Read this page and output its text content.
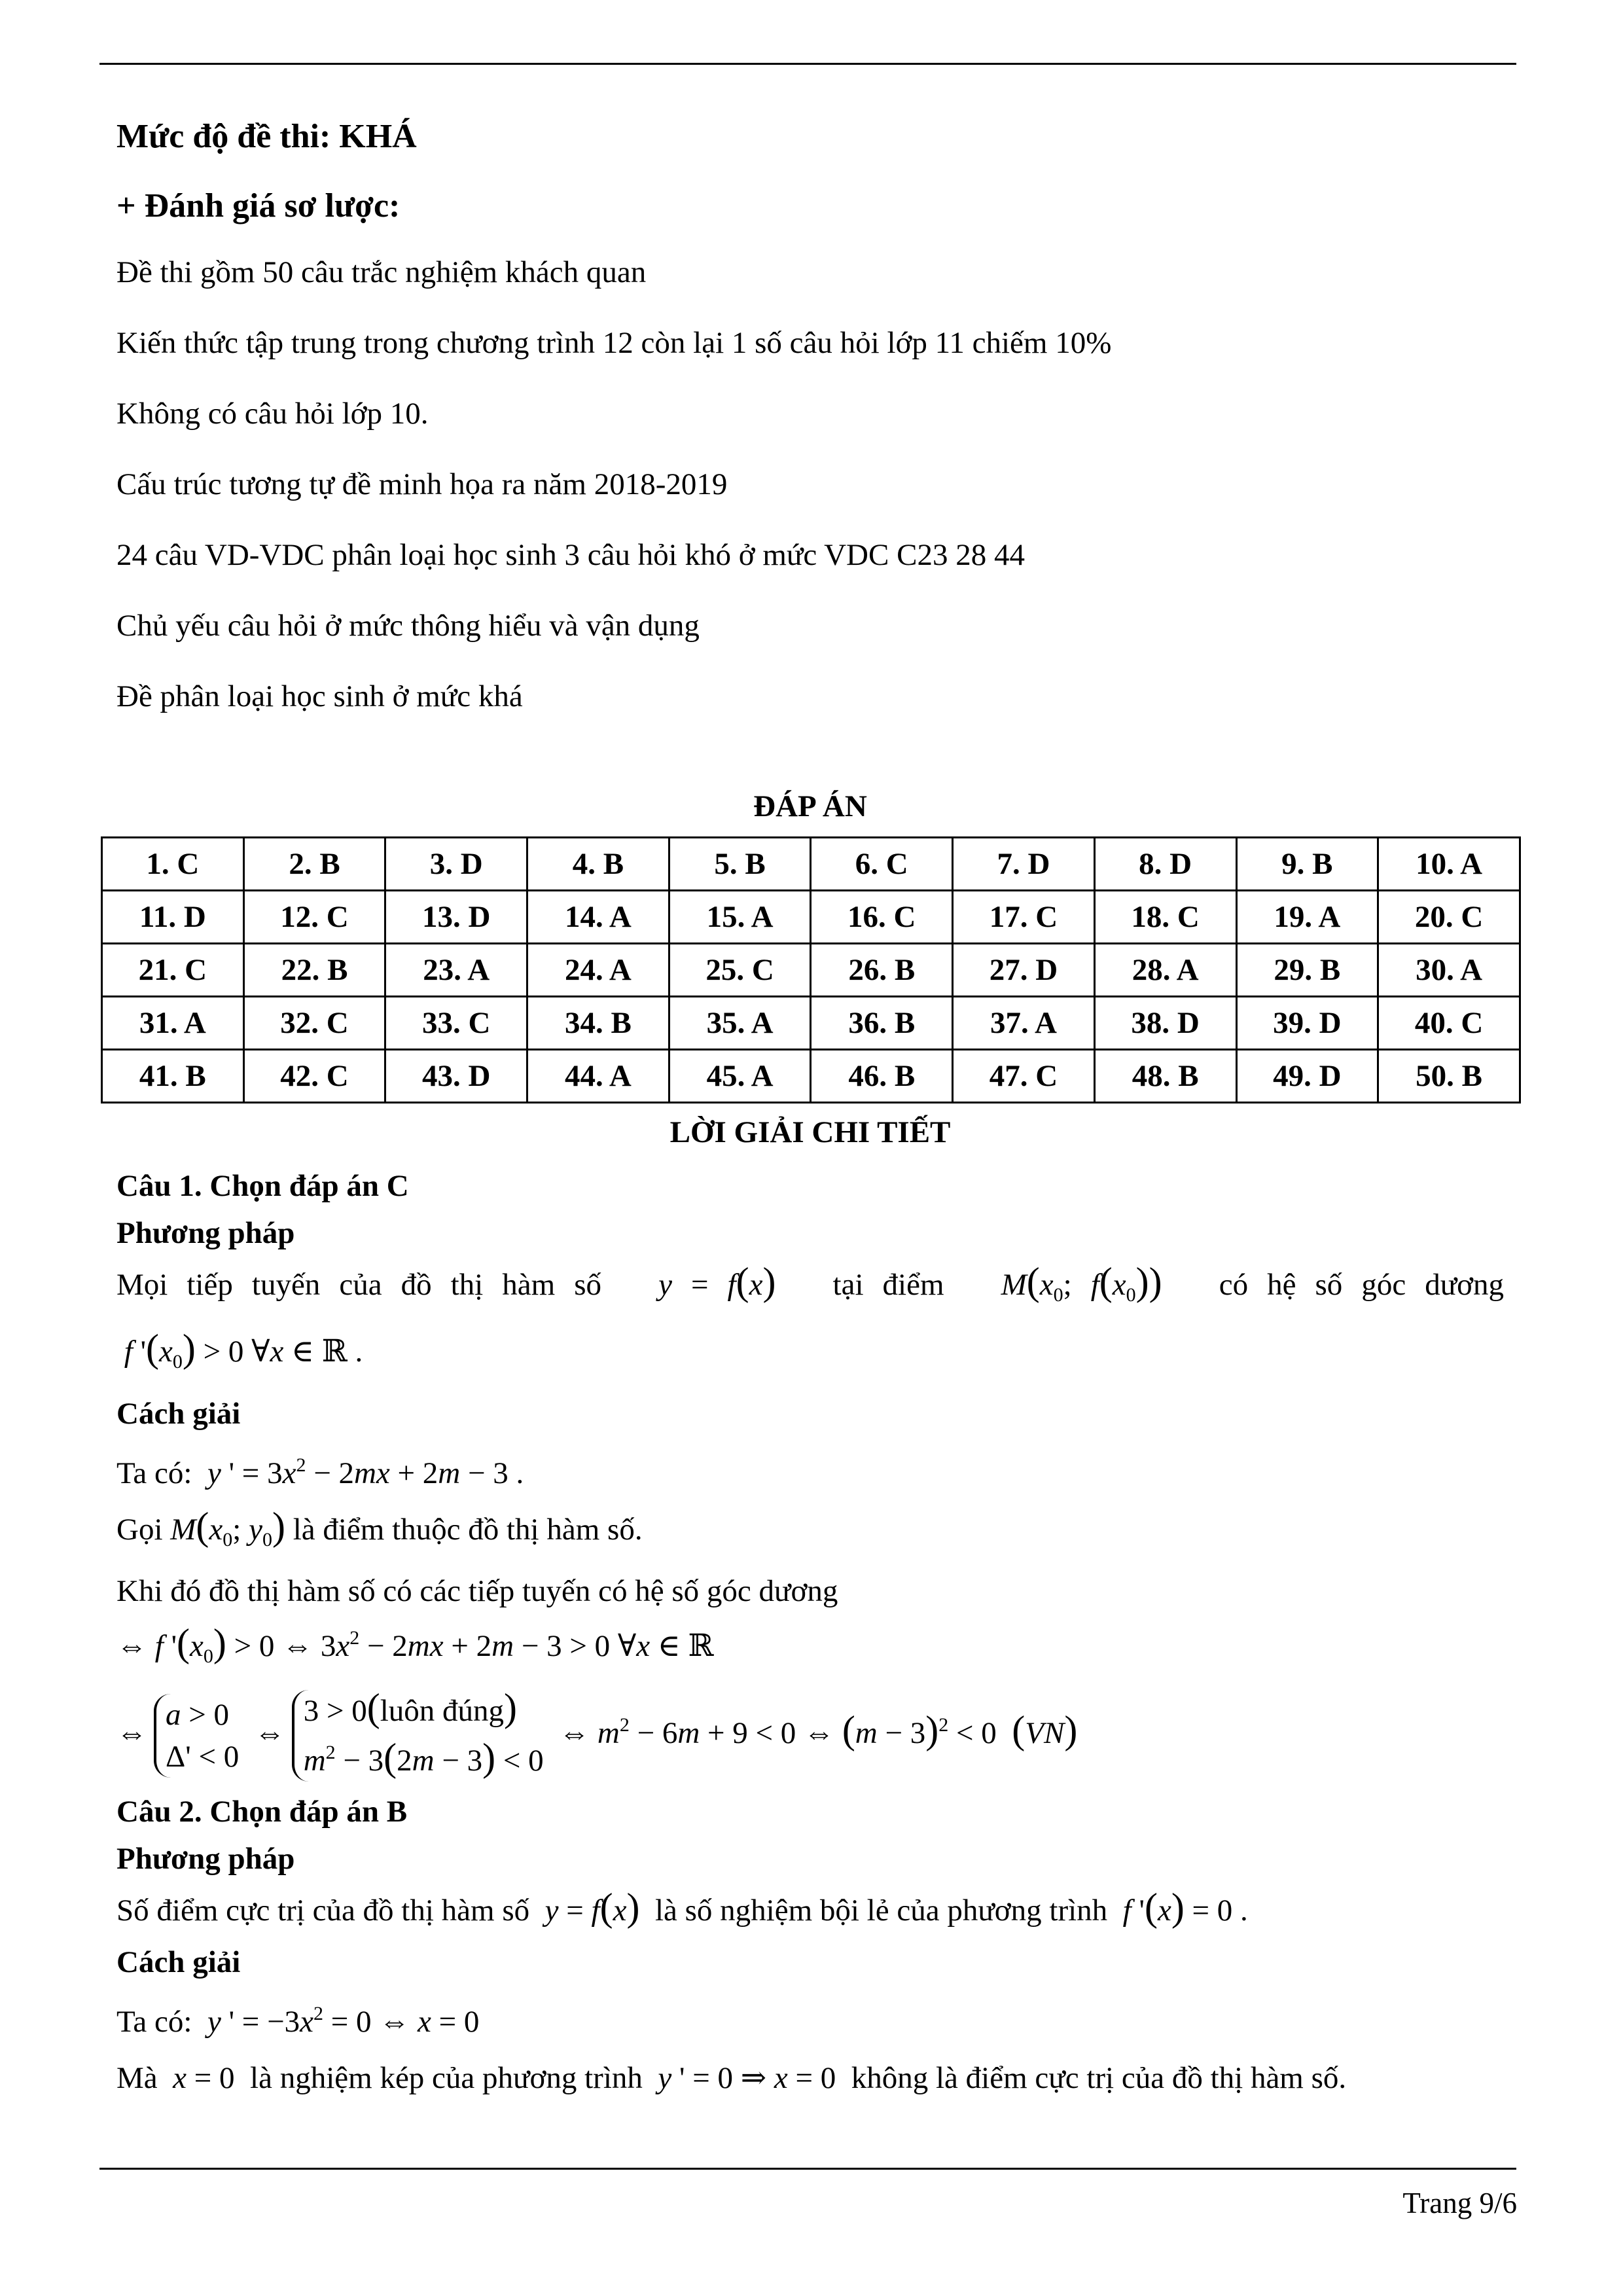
Mức độ đề thi: KHÁ
+ Đánh giá sơ lược:

Đề thi gồm 50 câu trắc nghiệm khách quan

Kiến thức tập trung trong chương trình 12 còn lại 1 số câu hỏi lớp 11 chiếm 10%

Không có câu hỏi lớp 10.

Cấu trúc tương tự đề minh họa ra năm 2018-2019

24 câu VD-VDC phân loại học sinh 3 câu hỏi khó ở mức VDC C23 28 44

Chủ yếu câu hỏi ở mức thông hiểu và vận dụng

Đề phân loại học sinh ở mức khá

ĐÁP ÁN
1. C	2. B	3. D	4. B	5. B	6. C	7. D	8. D	9. B	10. A
11. D	12. C	13. D	14. A	15. A	16. C	17. C	18. C	19. A	20. C
21. C	22. B	23. A	24. A	25. C	26. B	27. D	28. A	29. B	30. A
31. A	32. C	33. C	34. B	35. A	36. B	37. A	38. D	39. D	40. C
41. B	42. C	43. D	44. A	45. A	46. B	47. C	48. B	49. D	50. B
LỜI GIẢI CHI TIẾT

Câu 1. Chọn đáp án C

Phương pháp

Mọi tiếp tuyến của đồ thị hàm số y = f(x) tại điểm $M(x_0$; $f(x_0)$) có hệ số góc dương

f '$(x_0) > 0$ ∀x ∈ ℝ .

Cách giải

Ta có: y ' = $3x^2 - 2mx + 2m - 3$ .

Gọi $M(x_0$; $y_0$) là điểm thuộc đồ thị hàm số.

Khi đó đồ thị hàm số có các tiếp tuyến có hệ số góc dương

⇔ f '$(x_0) > 0$ ⇔ $3x^2 - 2mx + 2m - 3 > 0$ ∀x ∈ ℝ

⇔a > 0
Δ' < 0  ⇔3 > 0(luôn đúng)
$m^2 - 3(2m - 3) < 0$  ⇔ $m^2 - 6m + 9 < 0$ ⇔ $(m - 3)^2 < 0$  (VN)

Câu 2. Chọn đáp án B

Phương pháp

Số điểm cực trị của đồ thị hàm số y = f(x) là số nghiệm bội lẻ của phương trình f '(x) = 0 .

Cách giải

Ta có: y ' = $-3x^2 = 0$ ⇔ x = 0

Mà x = 0  là nghiệm kép của phương trình y ' = 0 ⇒ x = 0  không là điểm cực trị của đồ thị hàm số.

Trang 9/6
